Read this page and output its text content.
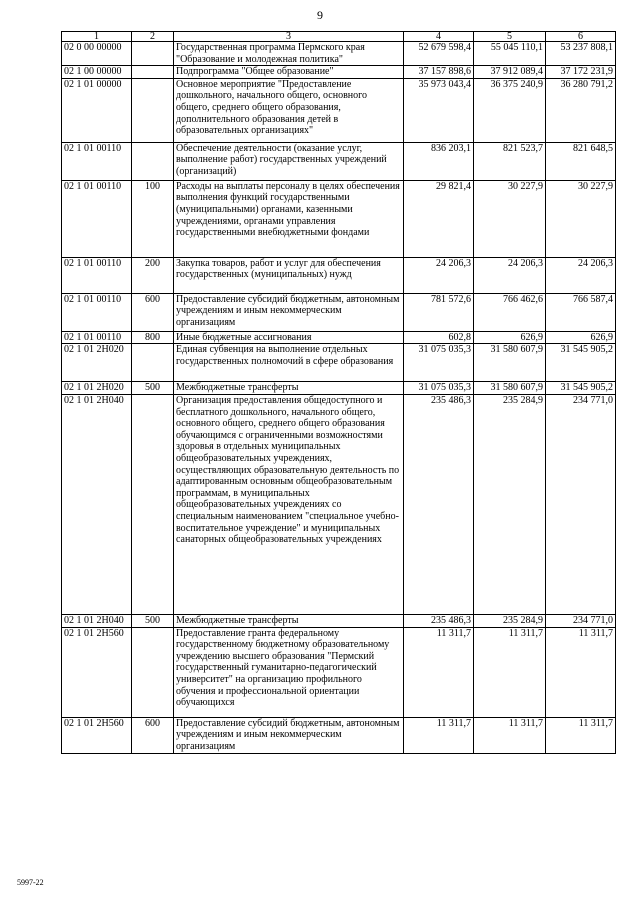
9
1	2	3	4	5	6
02 0 00 00000		Государственная программа Пермского края "Образование и молодежная политика"	52 679 598,4	55 045 110,1	53 237 808,1
02 1 00 00000		Подпрограмма "Общее образование"	37 157 898,6	37 912 089,4	37 172 231,9
02 1 01 00000		Основное мероприятие "Предоставление дошкольного, начального общего, основного общего, среднего общего образования, дополнительного образования детей в образовательных организациях"	35 973 043,4	36 375 240,9	36 280 791,2
02 1 01 00110		Обеспечение деятельности (оказание услуг, выполнение работ) государственных учреждений (организаций)	836 203,1	821 523,7	821 648,5
02 1 01 00110	100	Расходы на выплаты персоналу в целях обеспечения выполнения функций государственными (муниципальными) органами, казенными учреждениями, органами управления государственными внебюджетными фондами	29 821,4	30 227,9	30 227,9
02 1 01 00110	200	Закупка товаров, работ и услуг для обеспечения государственных (муниципальных) нужд	24 206,3	24 206,3	24 206,3
02 1 01 00110	600	Предоставление субсидий бюджетным, автономным учреждениям и иным некоммерческим организациям	781 572,6	766 462,6	766 587,4
02 1 01 00110	800	Иные бюджетные ассигнования	602,8	626,9	626,9
02 1 01 2Н020		Единая субвенция на выполнение отдельных государственных полномочий в сфере образования	31 075 035,3	31 580 607,9	31 545 905,2
02 1 01 2Н020	500	Межбюджетные трансферты	31 075 035,3	31 580 607,9	31 545 905,2
02 1 01 2Н040		Организация предоставления общедоступного и бесплатного дошкольного, начального общего, основного общего, среднего общего образования обучающимся с ограниченными возможностями здоровья в отдельных муниципальных общеобразовательных учреждениях, осуществляющих образовательную деятельность по адаптированным основным общеобразовательным программам, в муниципальных общеобразовательных учреждениях со специальным наименованием "специальное учебно-воспитательное учреждение" и муниципальных санаторных общеобразовательных учреждениях	235 486,3	235 284,9	234 771,0
02 1 01 2Н040	500	Межбюджетные трансферты	235 486,3	235 284,9	234 771,0
02 1 01 2Н560		Предоставление гранта федеральному государственному бюджетному образовательному учреждению высшего образования "Пермский государственный гуманитарно-педагогический университет" на организацию профильного обучения и профессиональной ориентации обучающихся	11 311,7	11 311,7	11 311,7
02 1 01 2Н560	600	Предоставление субсидий бюджетным, автономным учреждениям и иным некоммерческим организациям	11 311,7	11 311,7	11 311,7
5997-22
